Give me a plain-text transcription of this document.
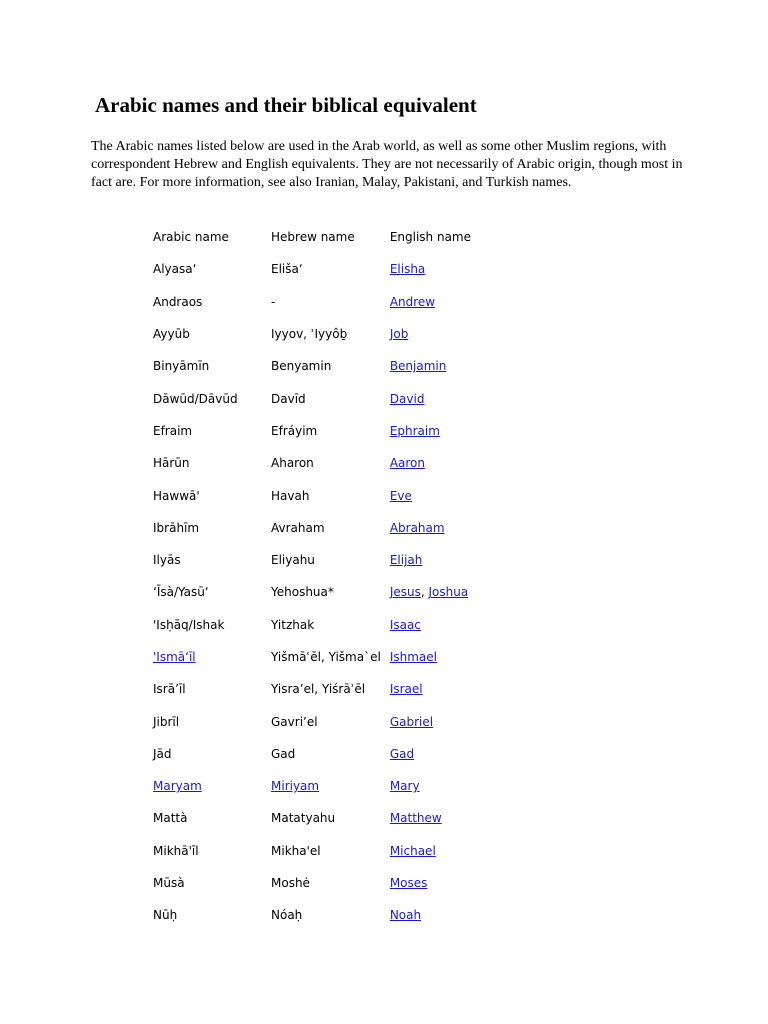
Arabic names and their biblical equivalent

The Arabic names listed below are used in the Arab world, as well as some other Muslim regions, with correspondent Hebrew and English equivalents. They are not necessarily of Arabic origin, though most in fact are. For more information, see also Iranian, Malay, Pakistani, and Turkish names.

Arabic name	Hebrew name	English name
Alyasa‘	Eliša‘	Elisha
Andraos	-	Andrew
Ayyūb	Iyyov, ʾIyyôḇ	Job
Binyāmīn	Benyamin	Benjamin
Dāwūd/Dāvūd	Davīd	David
Efraim	Efráyim	Ephraim
Hārūn	Aharon	Aaron
Hawwā'	Havah	Eve
Ibrāhīm	Avraham	Abraham
Ilyās	Eliyahu	Elijah
‘Īsà/Yasū‘	Yehoshua*	Jesus, Joshua
'Isḥāq/Ishak	Yitzhak	Isaac
'Ismā‘īl	Yišmāʿēl, Yišma`el	Ishmael
Isrā’īl	Yisra’el, Yiśrāʾēl	Israel
Jibrīl	Gavri’el	Gabriel
Jād	Gad	Gad
Maryam	Miriyam	Mary
Mattà	Matatyahu	Matthew
Mikhā'īl	Mikha'el	Michael
Mūsà	Moshė	Moses
Nūḥ	Nóaḥ	Noah
